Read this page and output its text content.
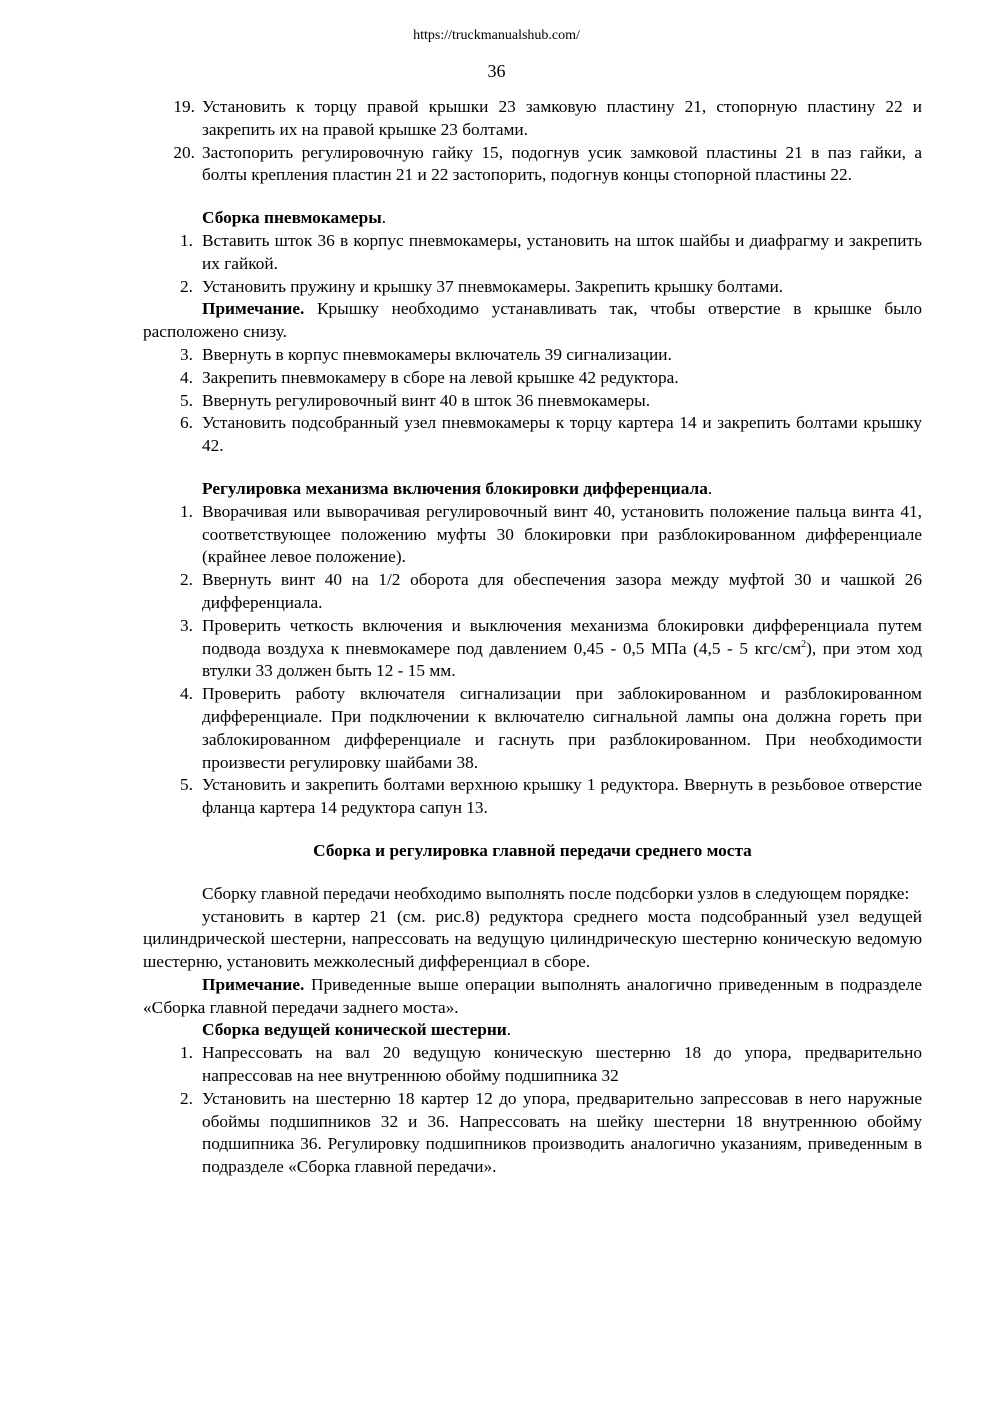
https://truckmanualshub.com/
36
19. Установить к торцу правой крышки 23 замковую пластину 21, стопорную пластину 22 и закрепить их на правой крышке 23 болтами.
20. Застопорить регулировочную гайку 15, подогнув усик замковой пластины 21 в паз гайки, а болты крепления пластин 21 и 22 застопорить, подогнув концы стопорной пластины 22.
Сборка пневмокамеры.
1. Вставить шток 36 в корпус пневмокамеры, установить на шток шайбы и диафрагму и закрепить их гайкой.
2. Установить пружину и крышку 37 пневмокамеры. Закрепить крышку болтами.
Примечание. Крышку необходимо устанавливать так, чтобы отверстие в крышке было расположено снизу.
3. Ввернуть в корпус пневмокамеры включатель 39 сигнализации.
4. Закрепить пневмокамеру в сборе на левой крышке 42 редуктора.
5. Ввернуть регулировочный винт 40 в шток 36 пневмокамеры.
6. Установить подсобранный узел пневмокамеры к торцу картера 14 и закрепить болтами крышку 42.
Регулировка механизма включения блокировки дифференциала.
1. Вворачивая или выворачивая регулировочный винт 40, установить положение пальца винта 41, соответствующее положению муфты 30 блокировки при разблокированном дифференциале (крайнее левое положение).
2. Ввернуть винт 40 на 1/2 оборота для обеспечения зазора между муфтой 30 и чашкой 26 дифференциала.
3. Проверить четкость включения и выключения механизма блокировки дифференциала путем подвода воздуха к пневмокамере под давлением 0,45 - 0,5 МПа (4,5 - 5 кгс/$см^2$), при этом ход втулки 33 должен быть 12 - 15 мм.
4. Проверить работу включателя сигнализации при заблокированном и разблокированном дифференциале. При подключении к включателю сигнальной лампы она должна гореть при заблокированном дифференциале и гаснуть при разблокированном. При необходимости произвести регулировку шайбами 38.
5. Установить и закрепить болтами верхнюю крышку 1 редуктора. Ввернуть в резьбовое отверстие фланца картера 14 редуктора сапун 13.
Сборка и регулировка главной передачи среднего моста
Сборку главной передачи необходимо выполнять после подсборки узлов в следующем порядке:
установить в картер 21 (см. рис.8) редуктора среднего моста подсобранный узел ведущей цилиндрической шестерни, напрессовать на ведущую цилиндрическую шестерню коническую ведомую шестерню, установить межколесный дифференциал в сборе.
Примечание. Приведенные выше операции выполнять аналогично приведенным в подразделе «Сборка главной передачи заднего моста».
Сборка ведущей конической шестерни.
1. Напрессовать на вал 20 ведущую коническую шестерню 18 до упора, предварительно напрессовав на нее внутреннюю обойму подшипника 32
2. Установить на шестерню 18 картер 12 до упора, предварительно запрессовав в него наружные обоймы подшипников 32 и 36. Напрессовать на шейку шестерни 18 внутреннюю обойму подшипника 36. Регулировку подшипников производить аналогично указаниям, приведенным в подразделе «Сборка главной передачи».
